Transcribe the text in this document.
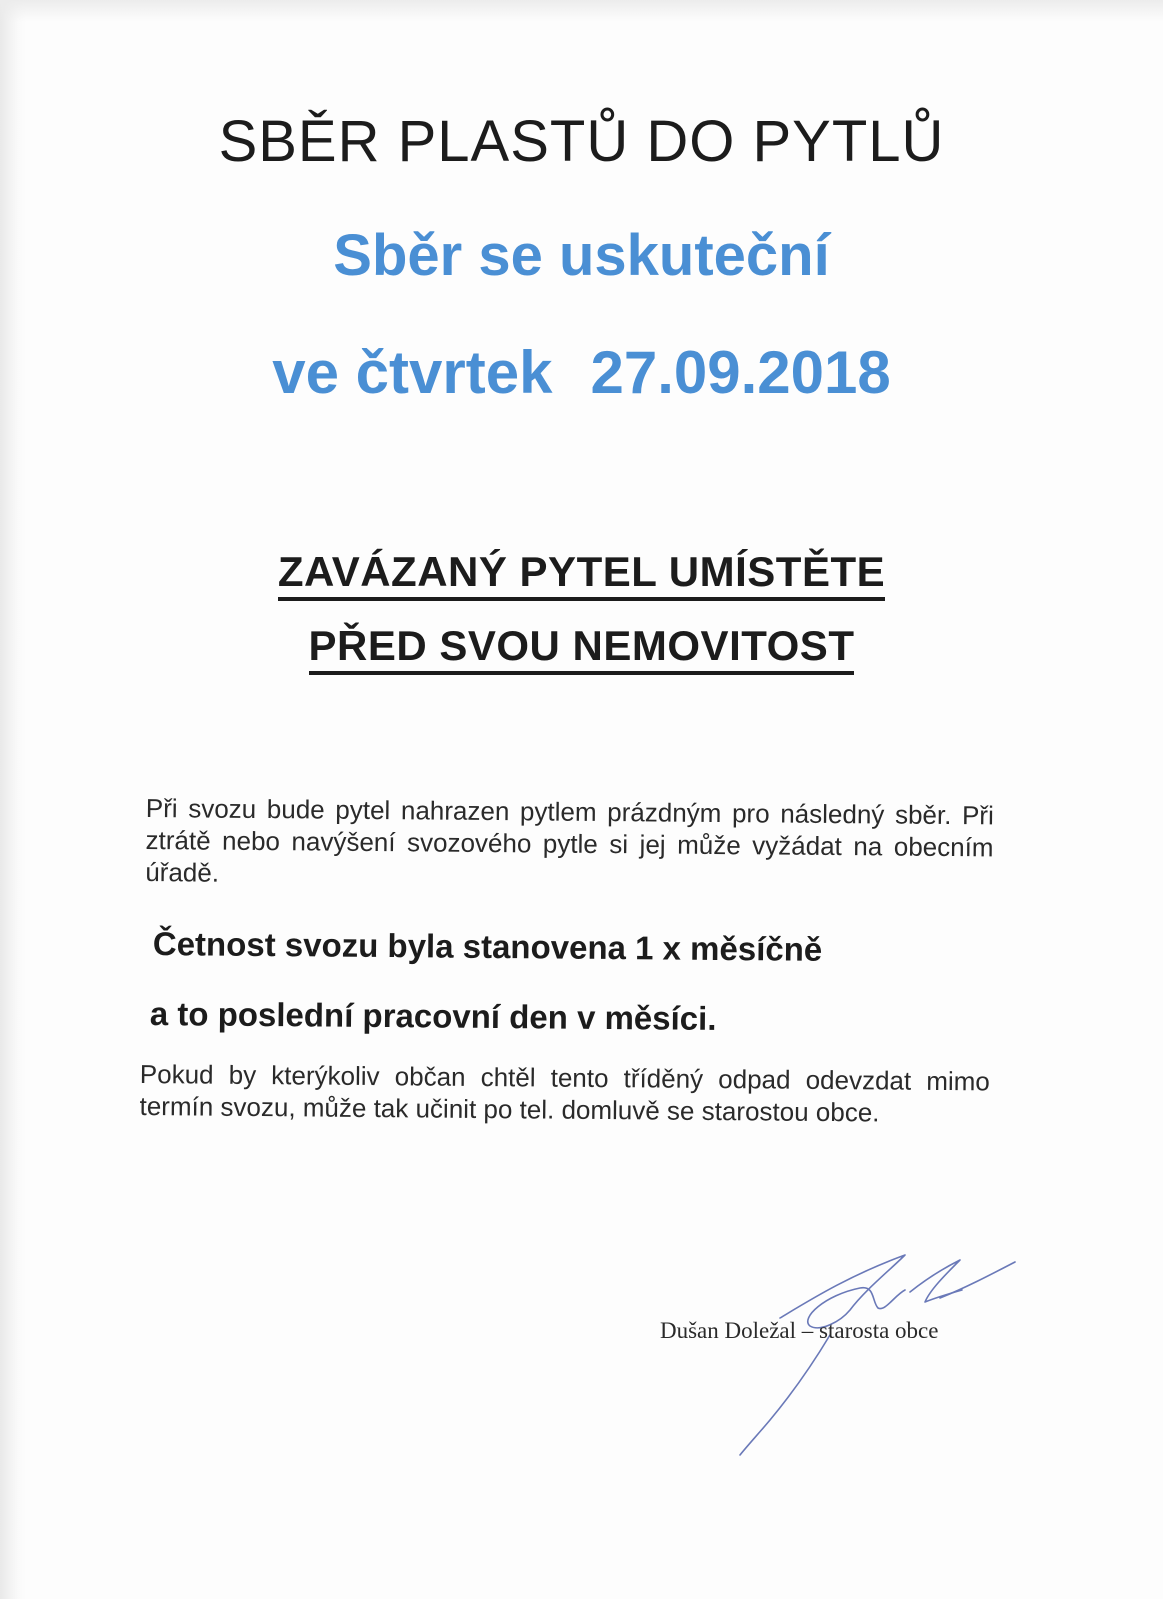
SBĚR PLASTŮ DO PYTLŮ

Sběr se uskuteční

ve čtvrtek 27.09.2018

ZAVÁZANÝ PYTEL UMÍSTĚTE

PŘED SVOU NEMOVITOST

Při svozu bude pytel nahrazen pytlem prázdným pro následný sběr. Při ztrátě nebo navýšení svozového pytle si jej může vyžádat na obecním úřadě.

Četnost svozu byla stanovena 1 x měsíčně

a to poslední pracovní den v měsíci.

Pokud by kterýkoliv občan chtěl tento tříděný odpad odevzdat mimo termín svozu, může tak učinit po tel. domluvě se starostou obce.

Dušan Doležal – starosta obce
